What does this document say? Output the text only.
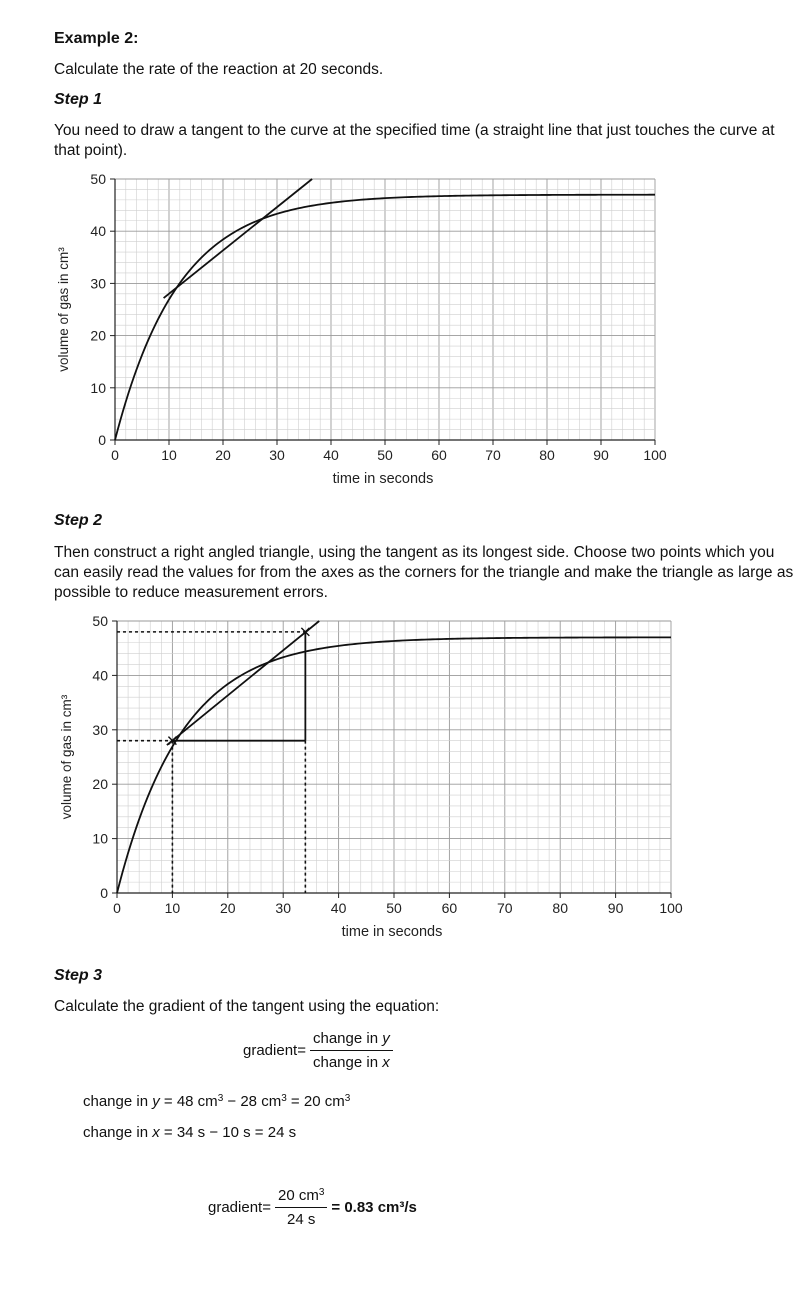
Example 2:
Calculate the rate of the reaction at 20 seconds.
Step 1
You need to draw a tangent to the curve at the specified time (a straight line that just touches the curve at that point).
0	10	20	30	40	50	60	70	80	90 100
0
10
20
30
40
50
time in seconds
volume of gas in cm³
Step 2
Then construct a right angled triangle, using the tangent as its longest side. Choose two points which you can easily read the values for from the axes as the corners for the triangle and make the triangle as large as possible to reduce measurement errors.
0	10	20	30	40	50	60	70	80	90	100
0
10
20
30
40
50
time in seconds
volume of gas in cm³
Step 3
Calculate the gradient of the tangent using the equation:
gradient = $\frac{\text{change in y}}{\text{change in x}}$
change in y = 48 $cm^3 - 28$ $cm^3 = 20$ $cm^3$
change in x = 34 s − 10 s = 24 s
gradient = $\frac{20 cm^3}{24 s} = 0.83$ cm³/s
